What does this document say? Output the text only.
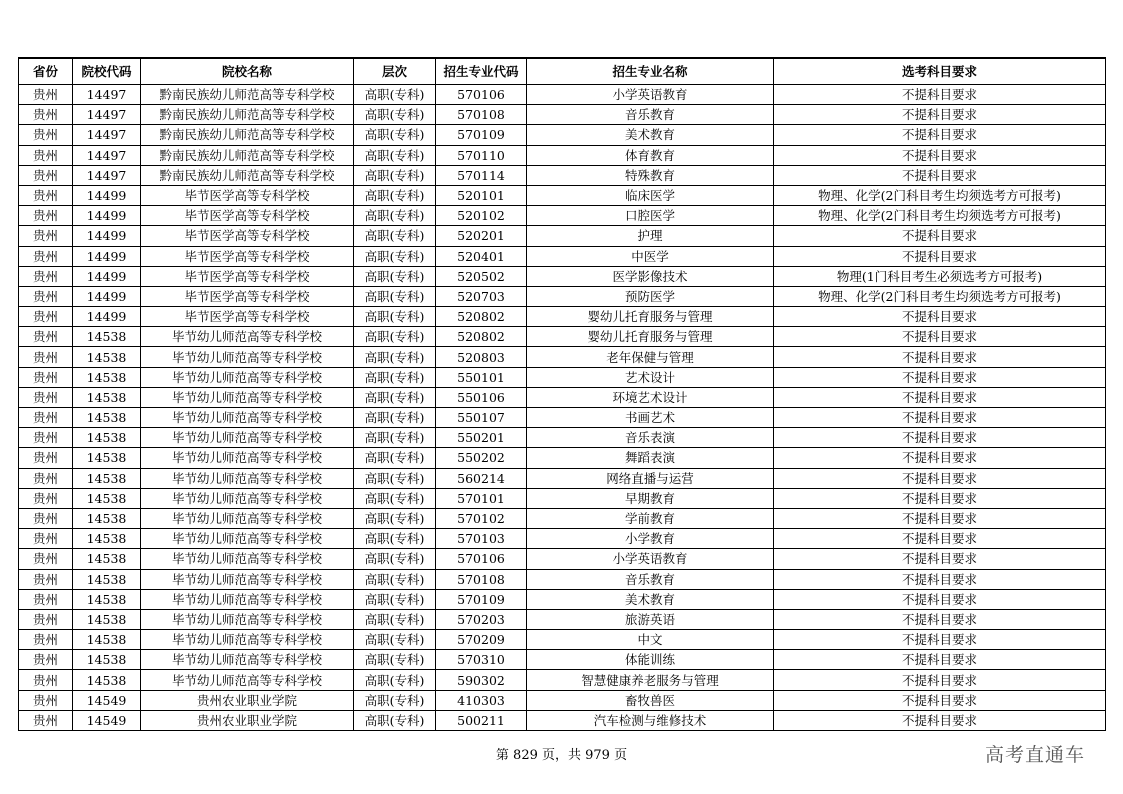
省份	院校代码	院校名称	层次	招生专业代码	招生专业名称	选考科目要求
贵州	14497	黔南民族幼儿师范高等专科学校	高职(专科)	570106	小学英语教育	不提科目要求
贵州	14497	黔南民族幼儿师范高等专科学校	高职(专科)	570108	音乐教育	不提科目要求
贵州	14497	黔南民族幼儿师范高等专科学校	高职(专科)	570109	美术教育	不提科目要求
贵州	14497	黔南民族幼儿师范高等专科学校	高职(专科)	570110	体育教育	不提科目要求
贵州	14497	黔南民族幼儿师范高等专科学校	高职(专科)	570114	特殊教育	不提科目要求
贵州	14499	毕节医学高等专科学校	高职(专科)	520101	临床医学	物理、化学(2门科目考生均须选考方可报考)
贵州	14499	毕节医学高等专科学校	高职(专科)	520102	口腔医学	物理、化学(2门科目考生均须选考方可报考)
贵州	14499	毕节医学高等专科学校	高职(专科)	520201	护理	不提科目要求
贵州	14499	毕节医学高等专科学校	高职(专科)	520401	中医学	不提科目要求
贵州	14499	毕节医学高等专科学校	高职(专科)	520502	医学影像技术	物理(1门科目考生必须选考方可报考)
贵州	14499	毕节医学高等专科学校	高职(专科)	520703	预防医学	物理、化学(2门科目考生均须选考方可报考)
贵州	14499	毕节医学高等专科学校	高职(专科)	520802	婴幼儿托育服务与管理	不提科目要求
贵州	14538	毕节幼儿师范高等专科学校	高职(专科)	520802	婴幼儿托育服务与管理	不提科目要求
贵州	14538	毕节幼儿师范高等专科学校	高职(专科)	520803	老年保健与管理	不提科目要求
贵州	14538	毕节幼儿师范高等专科学校	高职(专科)	550101	艺术设计	不提科目要求
贵州	14538	毕节幼儿师范高等专科学校	高职(专科)	550106	环境艺术设计	不提科目要求
贵州	14538	毕节幼儿师范高等专科学校	高职(专科)	550107	书画艺术	不提科目要求
贵州	14538	毕节幼儿师范高等专科学校	高职(专科)	550201	音乐表演	不提科目要求
贵州	14538	毕节幼儿师范高等专科学校	高职(专科)	550202	舞蹈表演	不提科目要求
贵州	14538	毕节幼儿师范高等专科学校	高职(专科)	560214	网络直播与运营	不提科目要求
贵州	14538	毕节幼儿师范高等专科学校	高职(专科)	570101	早期教育	不提科目要求
贵州	14538	毕节幼儿师范高等专科学校	高职(专科)	570102	学前教育	不提科目要求
贵州	14538	毕节幼儿师范高等专科学校	高职(专科)	570103	小学教育	不提科目要求
贵州	14538	毕节幼儿师范高等专科学校	高职(专科)	570106	小学英语教育	不提科目要求
贵州	14538	毕节幼儿师范高等专科学校	高职(专科)	570108	音乐教育	不提科目要求
贵州	14538	毕节幼儿师范高等专科学校	高职(专科)	570109	美术教育	不提科目要求
贵州	14538	毕节幼儿师范高等专科学校	高职(专科)	570203	旅游英语	不提科目要求
贵州	14538	毕节幼儿师范高等专科学校	高职(专科)	570209	中文	不提科目要求
贵州	14538	毕节幼儿师范高等专科学校	高职(专科)	570310	体能训练	不提科目要求
贵州	14538	毕节幼儿师范高等专科学校	高职(专科)	590302	智慧健康养老服务与管理	不提科目要求
贵州	14549	贵州农业职业学院	高职(专科)	410303	畜牧兽医	不提科目要求
贵州	14549	贵州农业职业学院	高职(专科)	500211	汽车检测与维修技术	不提科目要求
第 829 页，共 979 页	高考直通车
